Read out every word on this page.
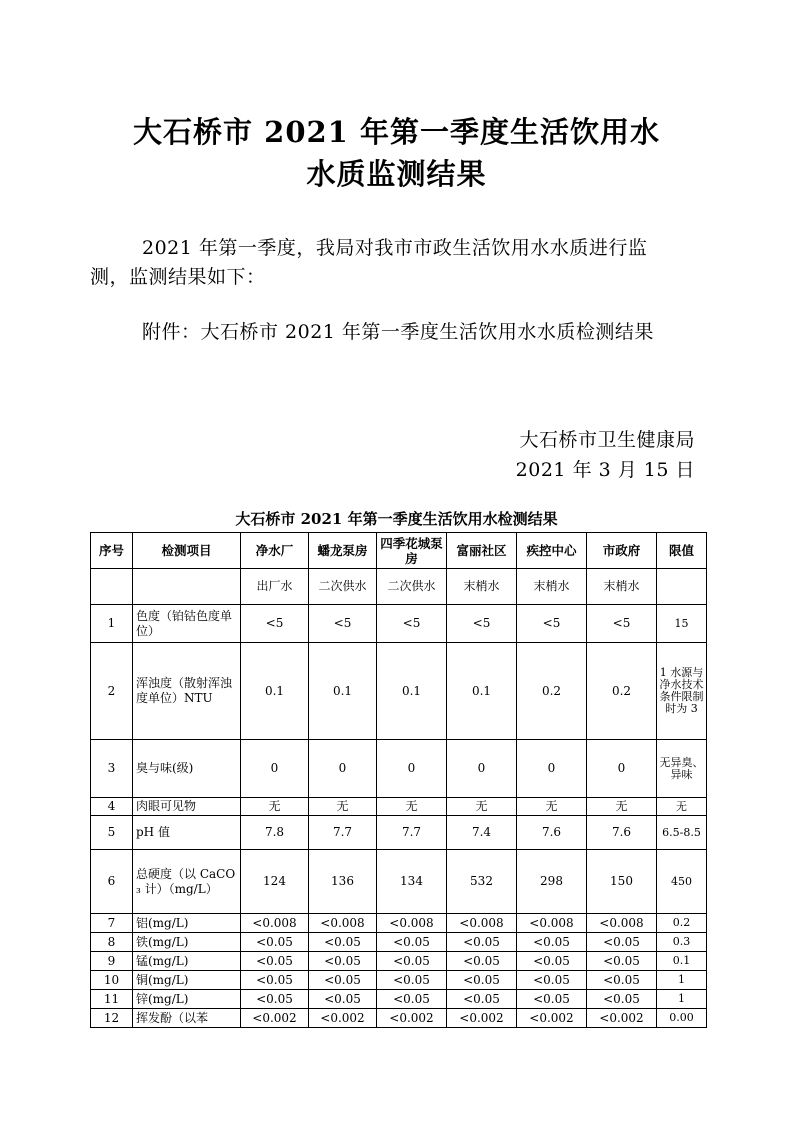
大石桥市 2021 年第一季度生活饮用水
水质监测结果

2021 年第一季度，我局对我市市政生活饮用水水质进行监

测，监测结果如下：

附件：大石桥市 2021 年第一季度生活饮用水水质检测结果

大石桥市卫生健康局
2021 年 3 月 15 日
大石桥市 2021 年第一季度生活饮用水检测结果
序号	检测项目	净水厂	蟠龙泵房	四季花城泵房	富丽社区	疾控中心	市政府	限值
		出厂水	二次供水	二次供水	末梢水	末梢水	末梢水	
1	色度（铂钴色度单位）	<5	<5	<5	<5	<5	<5	15
2	浑浊度（散射浑浊度单位）NTU	0.1	0.1	0.1	0.1	0.2	0.2	1 水源与净水技术条件限制时为 3
3	臭与味(级)	0	0	0	0	0	0	无异臭、异味
4	肉眼可见物	无	无	无	无	无	无	无
5	pH 值	7.8	7.7	7.7	7.4	7.6	7.6	6.5-8.5
6	总硬度（以 CaCO₃ 计）（mg/L）	124	136	134	532	298	150	450
7	铝(mg/L)	<0.008	<0.008	<0.008	<0.008	<0.008	<0.008	0.2
8	铁(mg/L)	<0.05	<0.05	<0.05	<0.05	<0.05	<0.05	0.3
9	锰(mg/L)	<0.05	<0.05	<0.05	<0.05	<0.05	<0.05	0.1
10	铜(mg/L)	<0.05	<0.05	<0.05	<0.05	<0.05	<0.05	1
11	锌(mg/L)	<0.05	<0.05	<0.05	<0.05	<0.05	<0.05	1
12	挥发酚（以苯	<0.002	<0.002	<0.002	<0.002	<0.002	<0.002	0.00
